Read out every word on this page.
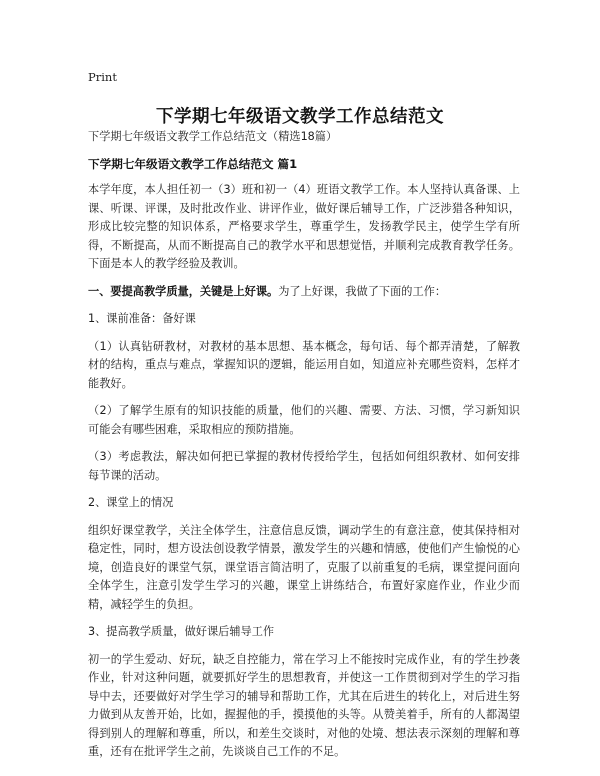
Print
下学期七年级语文教学工作总结范文

下学期七年级语文教学工作总结范文（精选18篇）

下学期七年级语文教学工作总结范文 篇1

本学年度，本人担任初一（3）班和初一（4）班语文教学工作。本人坚持认真备课、上课、听课、评课，及时批改作业、讲评作业，做好课后辅导工作，广泛涉猎各种知识，形成比较完整的知识体系，严格要求学生，尊重学生，发扬教学民主，使学生学有所得，不断提高，从而不断提高自己的教学水平和思想觉悟，并顺利完成教育教学任务。下面是本人的教学经验及教训。

一、要提高教学质量，关键是上好课。为了上好课，我做了下面的工作：

1、课前准备：备好课

（1）认真钻研教材，对教材的基本思想、基本概念，每句话、每个都弄清楚，了解教材的结构，重点与难点，掌握知识的逻辑，能运用自如，知道应补充哪些资料，怎样才能教好。

（2）了解学生原有的知识技能的质量，他们的兴趣、需要、方法、习惯，学习新知识可能会有哪些困难，采取相应的预防措施。

（3）考虑教法，解决如何把已掌握的教材传授给学生，包括如何组织教材、如何安排每节课的活动。

2、课堂上的情况

组织好课堂教学，关注全体学生，注意信息反馈，调动学生的有意注意，使其保持相对稳定性，同时，想方设法创设教学情景，激发学生的兴趣和情感，使他们产生愉悦的心境，创造良好的课堂气氛，课堂语言简洁明了，克服了以前重复的毛病，课堂提问面向全体学生，注意引发学生学习的兴趣，课堂上讲练结合，布置好家庭作业，作业少而精，减轻学生的负担。

3、提高教学质量，做好课后辅导工作

初一的学生爱动、好玩，缺乏自控能力，常在学习上不能按时完成作业，有的学生抄袭作业，针对这种问题，就要抓好学生的思想教育，并使这一工作贯彻到对学生的学习指导中去，还要做好对学生学习的辅导和帮助工作，尤其在后进生的转化上，对后进生努力做到从友善开始，比如，握握他的手，摸摸他的头等。从赞美着手，所有的人都渴望得到别人的理解和尊重，所以，和差生交谈时，对他的处境、想法表示深刻的理解和尊重，还有在批评学生之前，先谈谈自己工作的不足。
